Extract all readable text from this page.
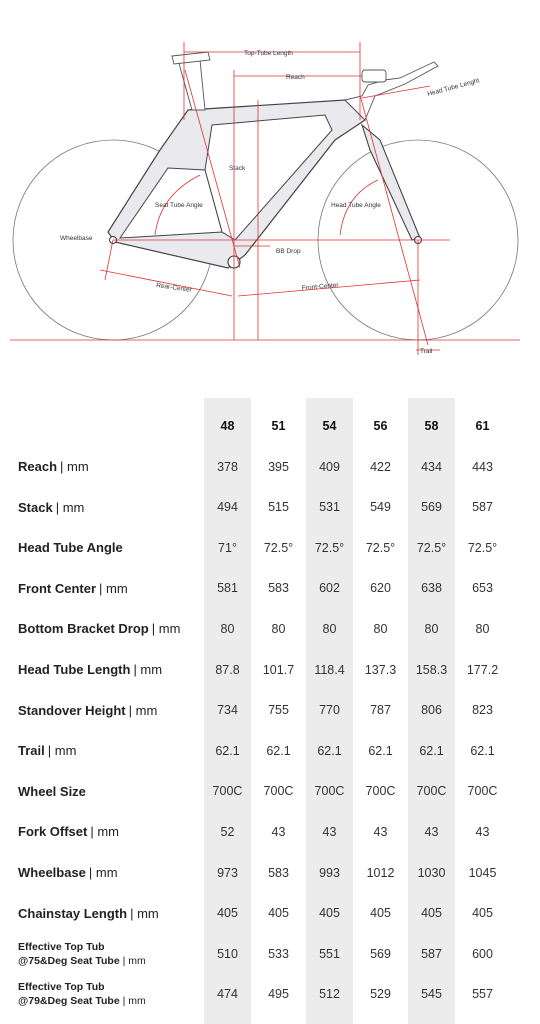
Top-Tube Length
Reach	Head Tube Lenght
Stack
Seat Tube Angle	Head Tube Angle
Wheelbase
BB Drop
Rear-Center	Front-Center
Trail
48	51	54	56	58	61
Reach | mm	378	395	409	422	434	443
Stack | mm	494	515	531	549	569	587
Head Tube Angle	71°	72.5°	72.5°	72.5°	72.5°	72.5°
Front Center | mm	581	583	602	620	638	653
Bottom Bracket Drop | mm	80	80	80	80	80	80
Head Tube Length | mm	87.8	101.7	118.4	137.3	158.3	177.2
Standover Height | mm	734	755	770	787	806	823
Trail | mm	62.1	62.1	62.1	62.1	62.1	62.1
Wheel Size	700C	700C	700C	700C	700C	700C
Fork Offset | mm	52	43	43	43	43	43
Wheelbase | mm	973	583	993	1012	1030	1045
Chainstay Length | mm	405	405	405	405	405	405
Effective Top Tub
@75&Deg Seat Tube | mm	510	533	551	569	587	600
Effective Top Tub
@79&Deg Seat Tube | mm	474	495	512	529	545	557
